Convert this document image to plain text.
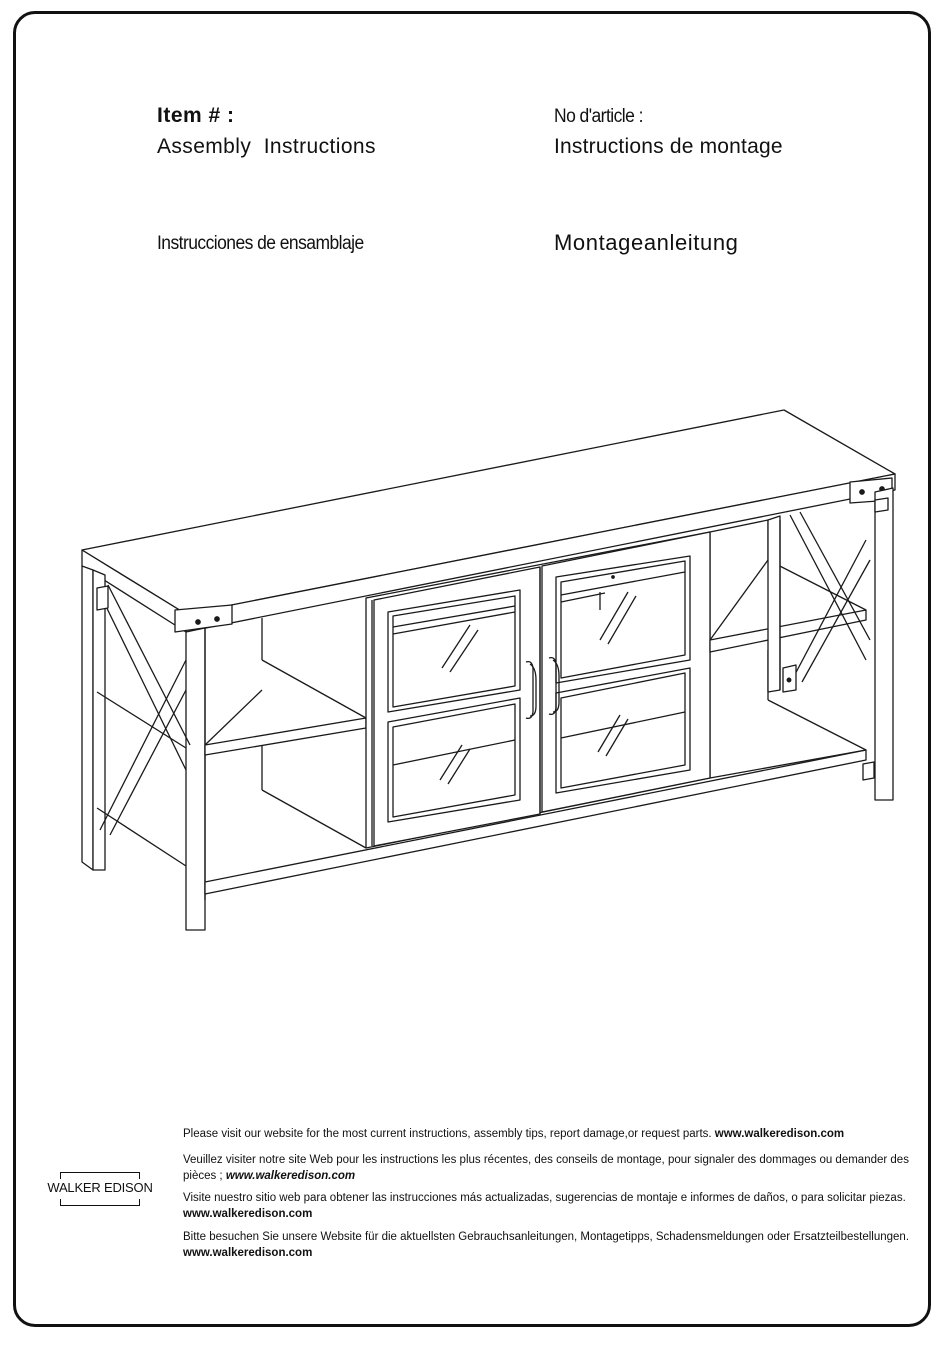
Item # :
Assembly  Instructions
No d'article :
Instructions de montage
Instrucciones de ensamblaje	Montageanleitung
WALKER EDISON
Please visit our website for the most current instructions, assembly tips, report damage,or request parts. www.walkeredison.com
Veuillez visiter notre site Web pour les instructions les plus récentes, des conseils de montage, pour signaler des dommages ou demander des pièces ; www.walkeredison.com
Visite nuestro sitio web para obtener las instrucciones más actualizadas, sugerencias de montaje e informes de daños, o para solicitar piezas. www.walkeredison.com
Bitte besuchen Sie unsere Website für die aktuellsten Gebrauchsanleitungen, Montagetipps, Schadensmeldungen oder Ersatzteilbestellungen. www.walkeredison.com
